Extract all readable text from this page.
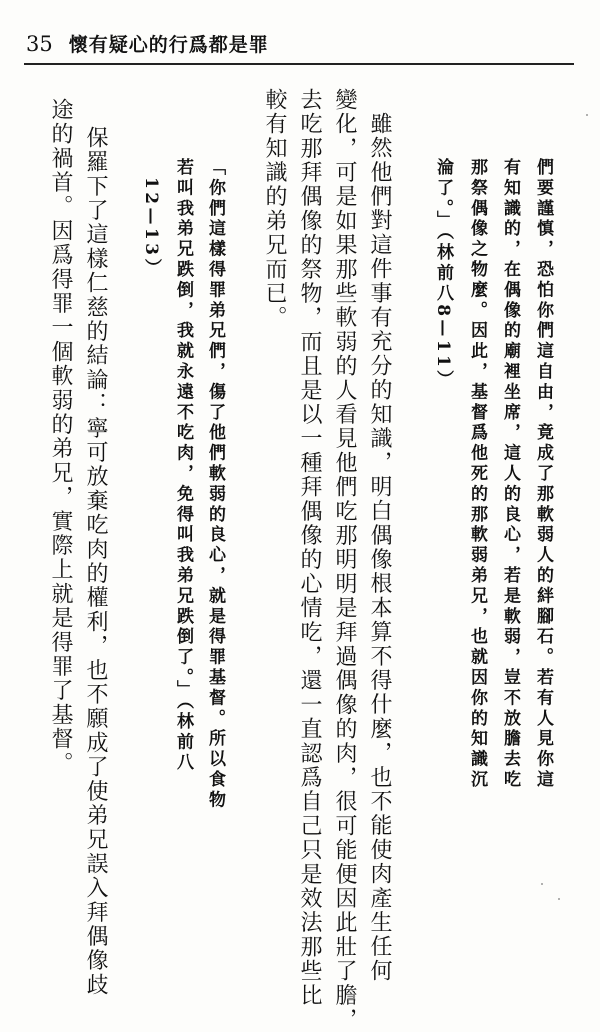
35 懷有疑心的行爲都是罪
們要謹慎，恐怕你們這自由，竟成了那軟弱人的絆腳石。若有人見你這
有知識的，在偶像的廟裡坐席，這人的良心，若是軟弱，豈不放膽去吃
那祭偶像之物麼。因此，基督爲他死的那軟弱弟兄，也就因你的知識沉
淪了。」（林前八8—11）
雖然他們對這件事有充分的知識，明白偶像根本算不得什麼，也不能使肉產生任何
變化，可是如果那些軟弱的人看見他們吃那明明是拜過偶像的肉，很可能便因此壯了膽，
去吃那拜偶像的祭物，而且是以一種拜偶像的心情吃，還一直認爲自己只是效法那些比
較有知識的弟兄而已。
「你們這樣得罪弟兄們，傷了他們軟弱的良心，就是得罪基督。所以食物
若叫我弟兄跌倒，我就永遠不吃肉，免得叫我弟兄跌倒了。」（林前八
12—13）
保羅下了這樣仁慈的結論：寧可放棄吃肉的權利，也不願成了使弟兄誤入拜偶像歧
途的禍首。因爲得罪一個軟弱的弟兄，實際上就是得罪了基督。
